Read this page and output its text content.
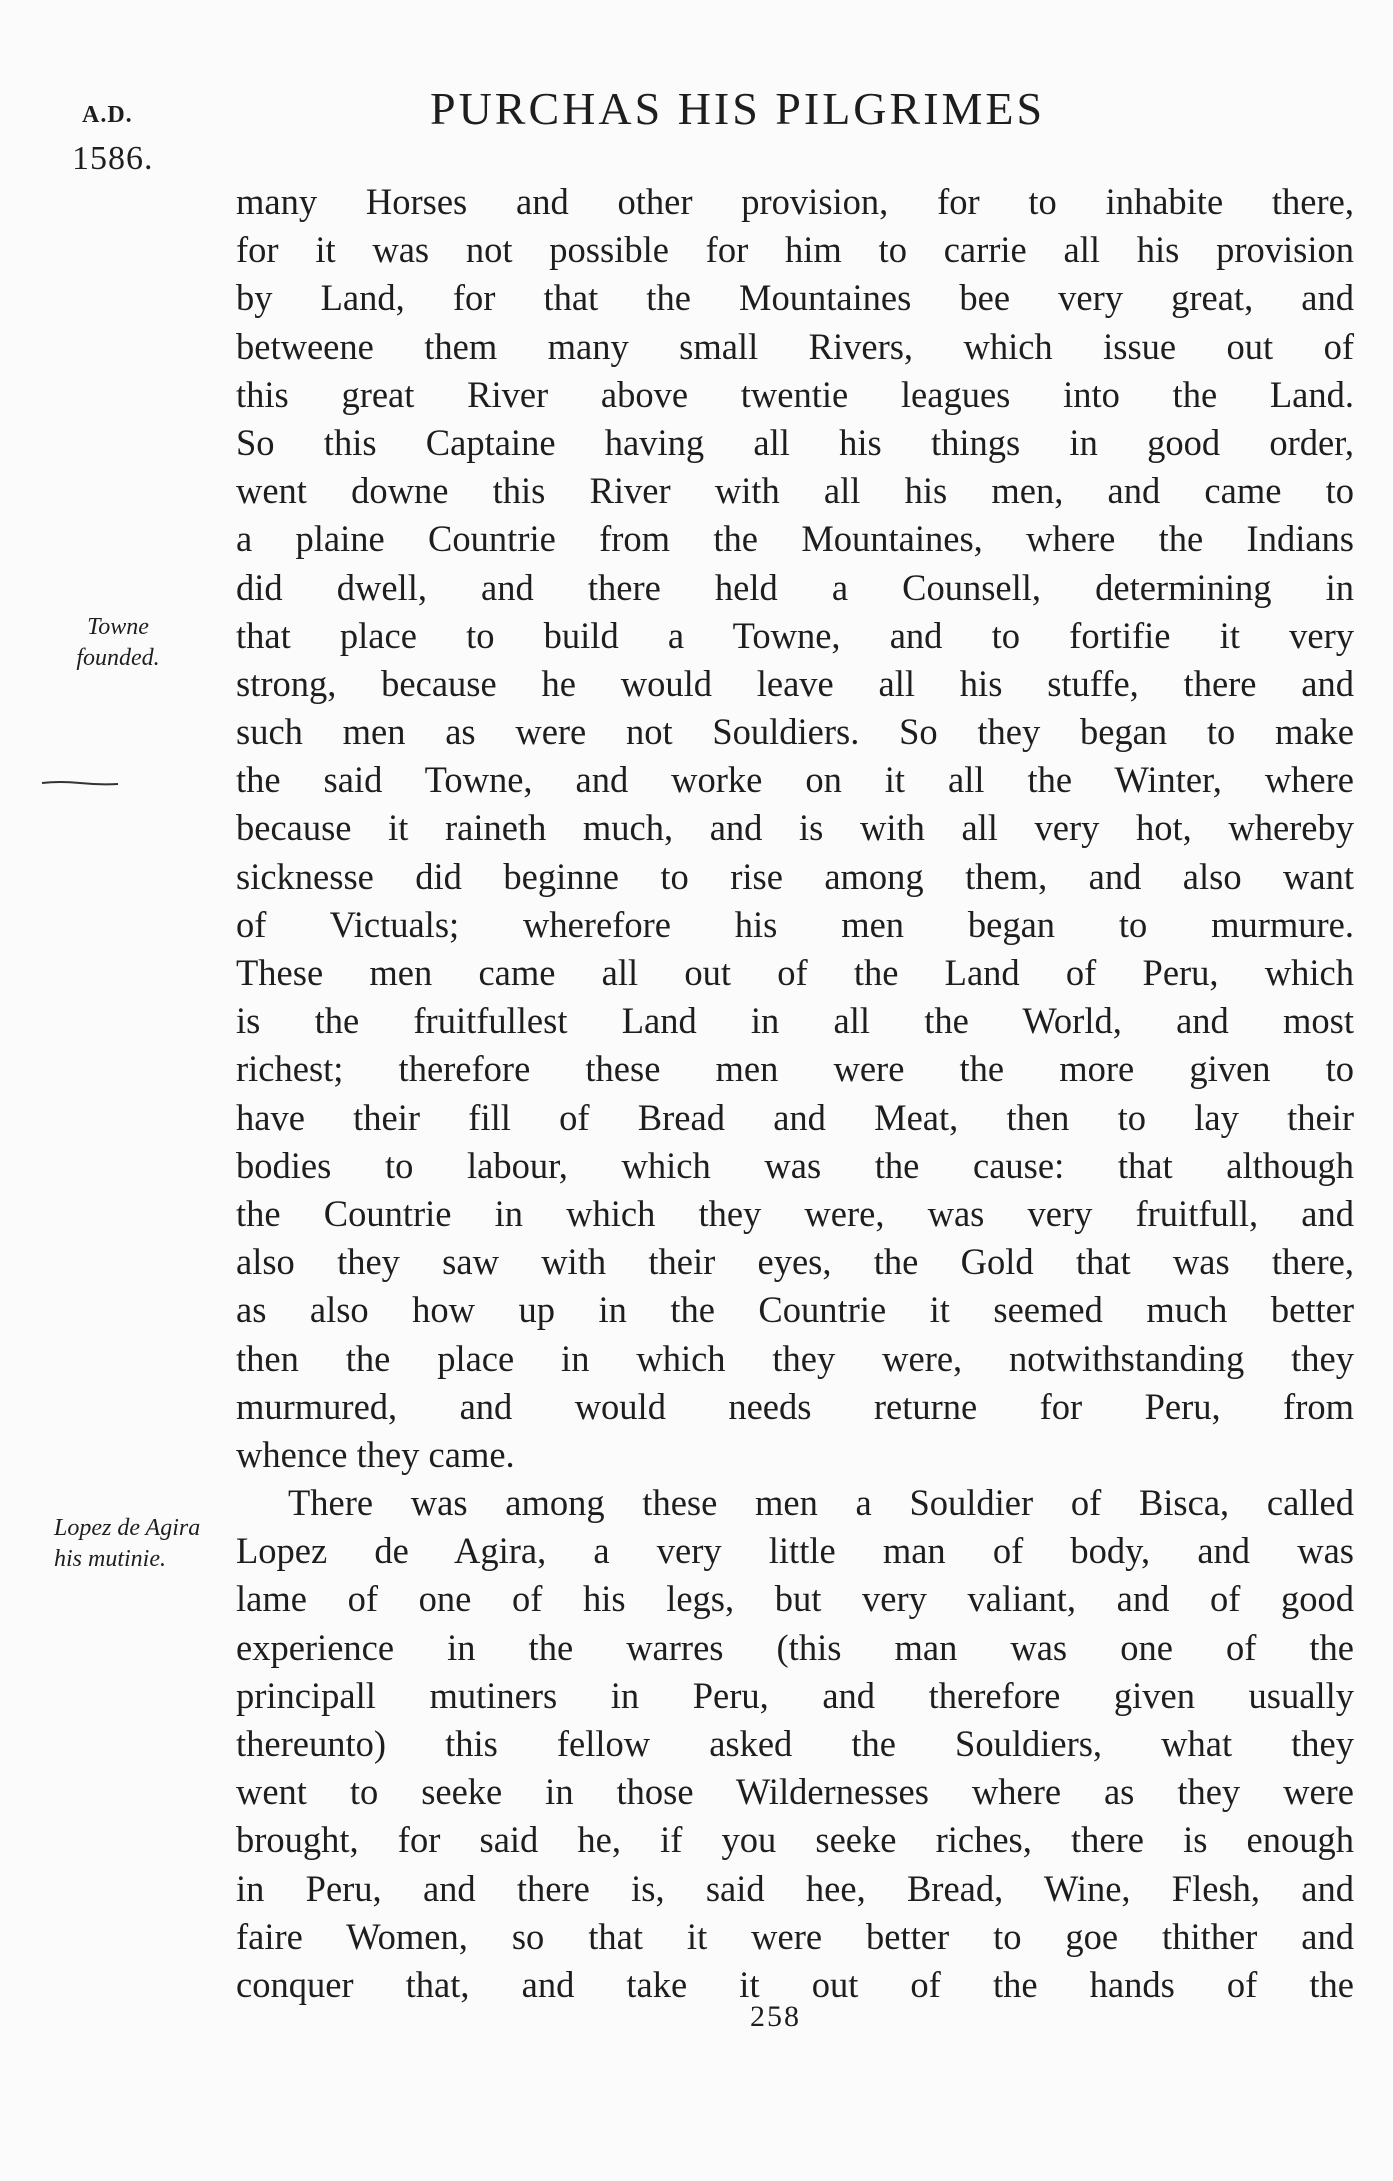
A.D.
1586.
PURCHAS HIS PILGRIMES
Towne founded.
Lopez de Agira his mutinie.
many Horses and other provision, for to inhabite there,
for it was not possible for him to carrie all his provision
by Land, for that the Mountaines bee very great, and
betweene them many small Rivers, which issue out of
this great River above twentie leagues into the Land.
So this Captaine having all his things in good order,
went downe this River with all his men, and came to
a plaine Countrie from the Mountaines, where the Indians
did dwell, and there held a Counsell, determining in
that place to build a Towne, and to fortifie it very
strong, because he would leave all his stuffe, there and
such men as were not Souldiers. So they began to make
the said Towne, and worke on it all the Winter, where
because it raineth much, and is with all very hot, whereby
sicknesse did beginne to rise among them, and also want
of Victuals; wherefore his men began to murmure.
These men came all out of the Land of Peru, which
is the fruitfullest Land in all the World, and most
richest; therefore these men were the more given to
have their fill of Bread and Meat, then to lay their
bodies to labour, which was the cause: that although
the Countrie in which they were, was very fruitfull, and
also they saw with their eyes, the Gold that was there,
as also how up in the Countrie it seemed much better
then the place in which they were, notwithstanding they
murmured, and would needs returne for Peru, from
whence they came.
There was among these men a Souldier of Bisca, called
Lopez de Agira, a very little man of body, and was
lame of one of his legs, but very valiant, and of good
experience in the warres (this man was one of the
principall mutiners in Peru, and therefore given usually
thereunto) this fellow asked the Souldiers, what they
went to seeke in those Wildernesses where as they were
brought, for said he, if you seeke riches, there is enough
in Peru, and there is, said hee, Bread, Wine, Flesh, and
faire Women, so that it were better to goe thither and
conquer that, and take it out of the hands of the
258
